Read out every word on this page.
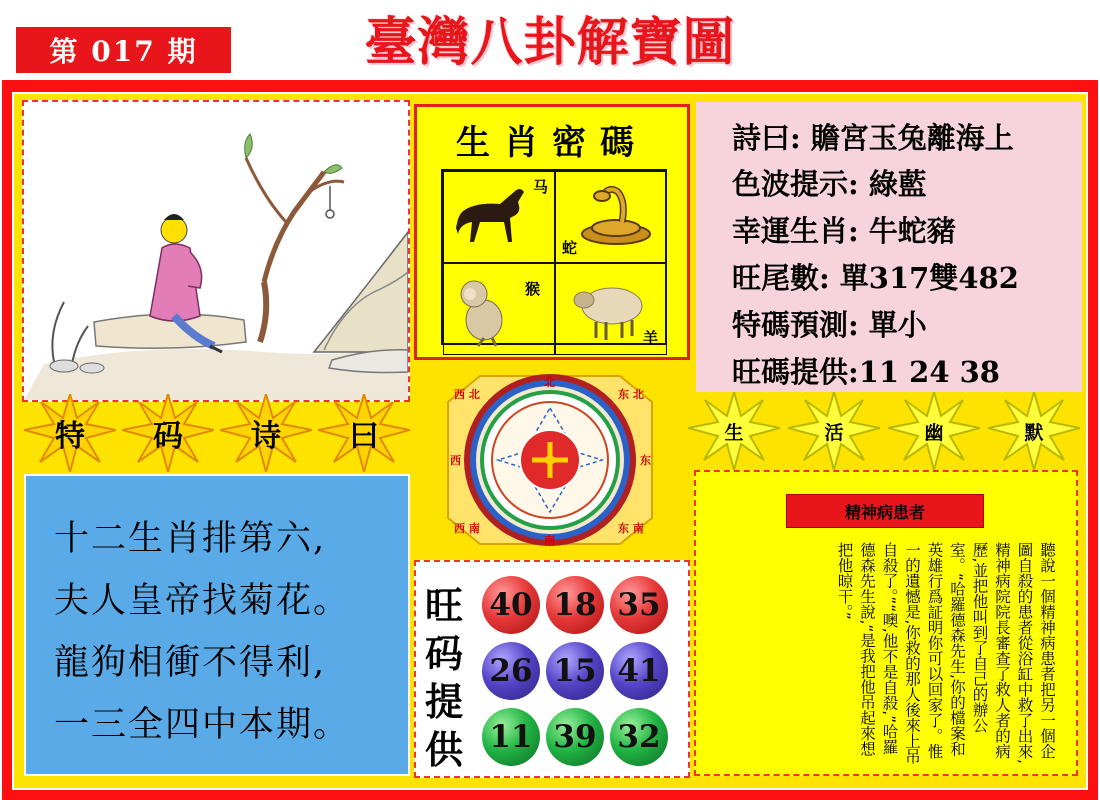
第 017 期	臺灣八卦解寶圖
生肖密碼
马
蛇
猴
羊
詩曰: 贍宮玉兔離海上
色波提示: 綠藍
幸運生肖: 牛蛇豬
旺尾數: 單317雙482
特碼預測: 單小
旺碼提供:11 24 38
特	码	诗	曰	生	活	幽	默
十二生肖排第六,
夫人皇帝找菊花。
龍狗相衝不得利,
一三全四中本期。
西 北	东 北
西 南	东 南
北
西	东
南
旺码提供
40 18 35
26 15 41
11 39 32
精神病患者
聽說一個精神病患者把另一個企圖自殺的患者從浴缸中救了出來,精神病院院長審查了救人者的病歷,並把他叫到了自己的辦公室。“哈羅德森先生,你的檔案和英雄行爲証明你可以回家了。惟一的遺憾是,你救的那人後來上吊自殺了。”“噢,他不是自殺,”哈羅德森先生說,“是我把他吊起來想把他晾干。”
